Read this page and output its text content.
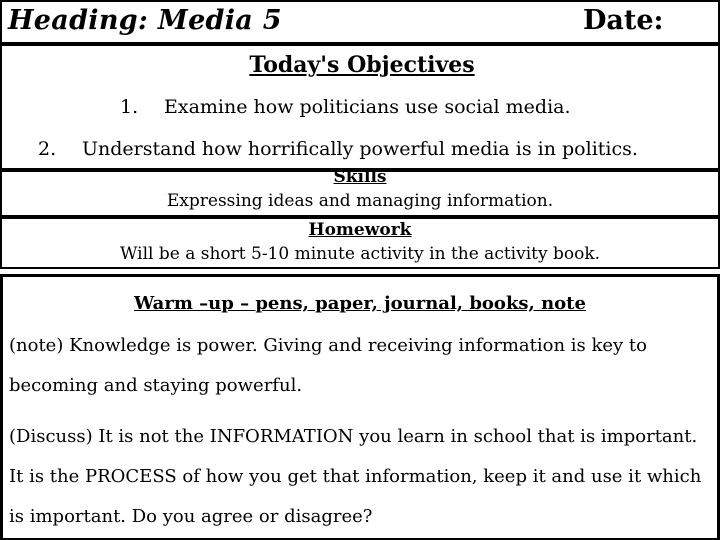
Heading: Media 5	Date:
Today's Objectives
1. Examine how politicians use social media.
2. Understand how horrifically powerful media is in politics.
Skills
Expressing ideas and managing information.
Homework
Will be a short 5-10 minute activity in the activity book.
Warm –up – pens, paper, journal, books, note
(note) Knowledge is power. Giving and receiving information is key to becoming and staying powerful.
(Discuss) It is not the INFORMATION you learn in school that is important. It is the PROCESS of how you get that information, keep it and use it which is important. Do you agree or disagree?
